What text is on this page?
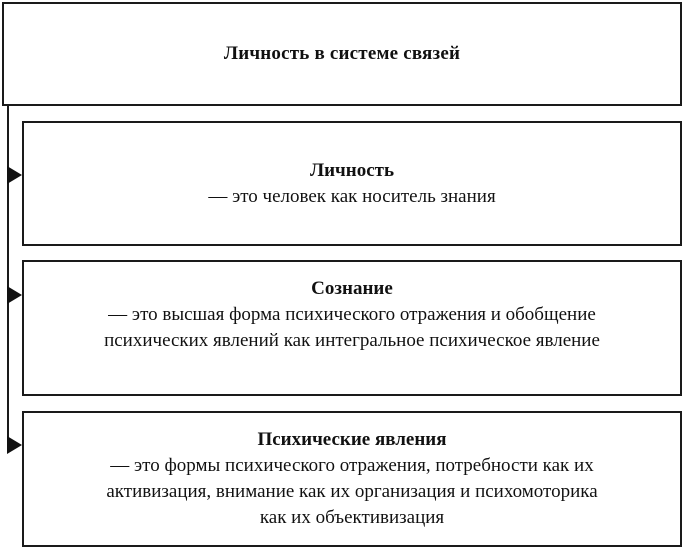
Личность в системе связей
Личность
— это человек как носитель знания
Сознание
— это высшая форма психического отражения и обобщение
психических явлений как интегральное психическое явление
Психические явления
— это формы психического отражения, потребности как их
активизация, внимание как их организация и психомоторика
как их объективизация
